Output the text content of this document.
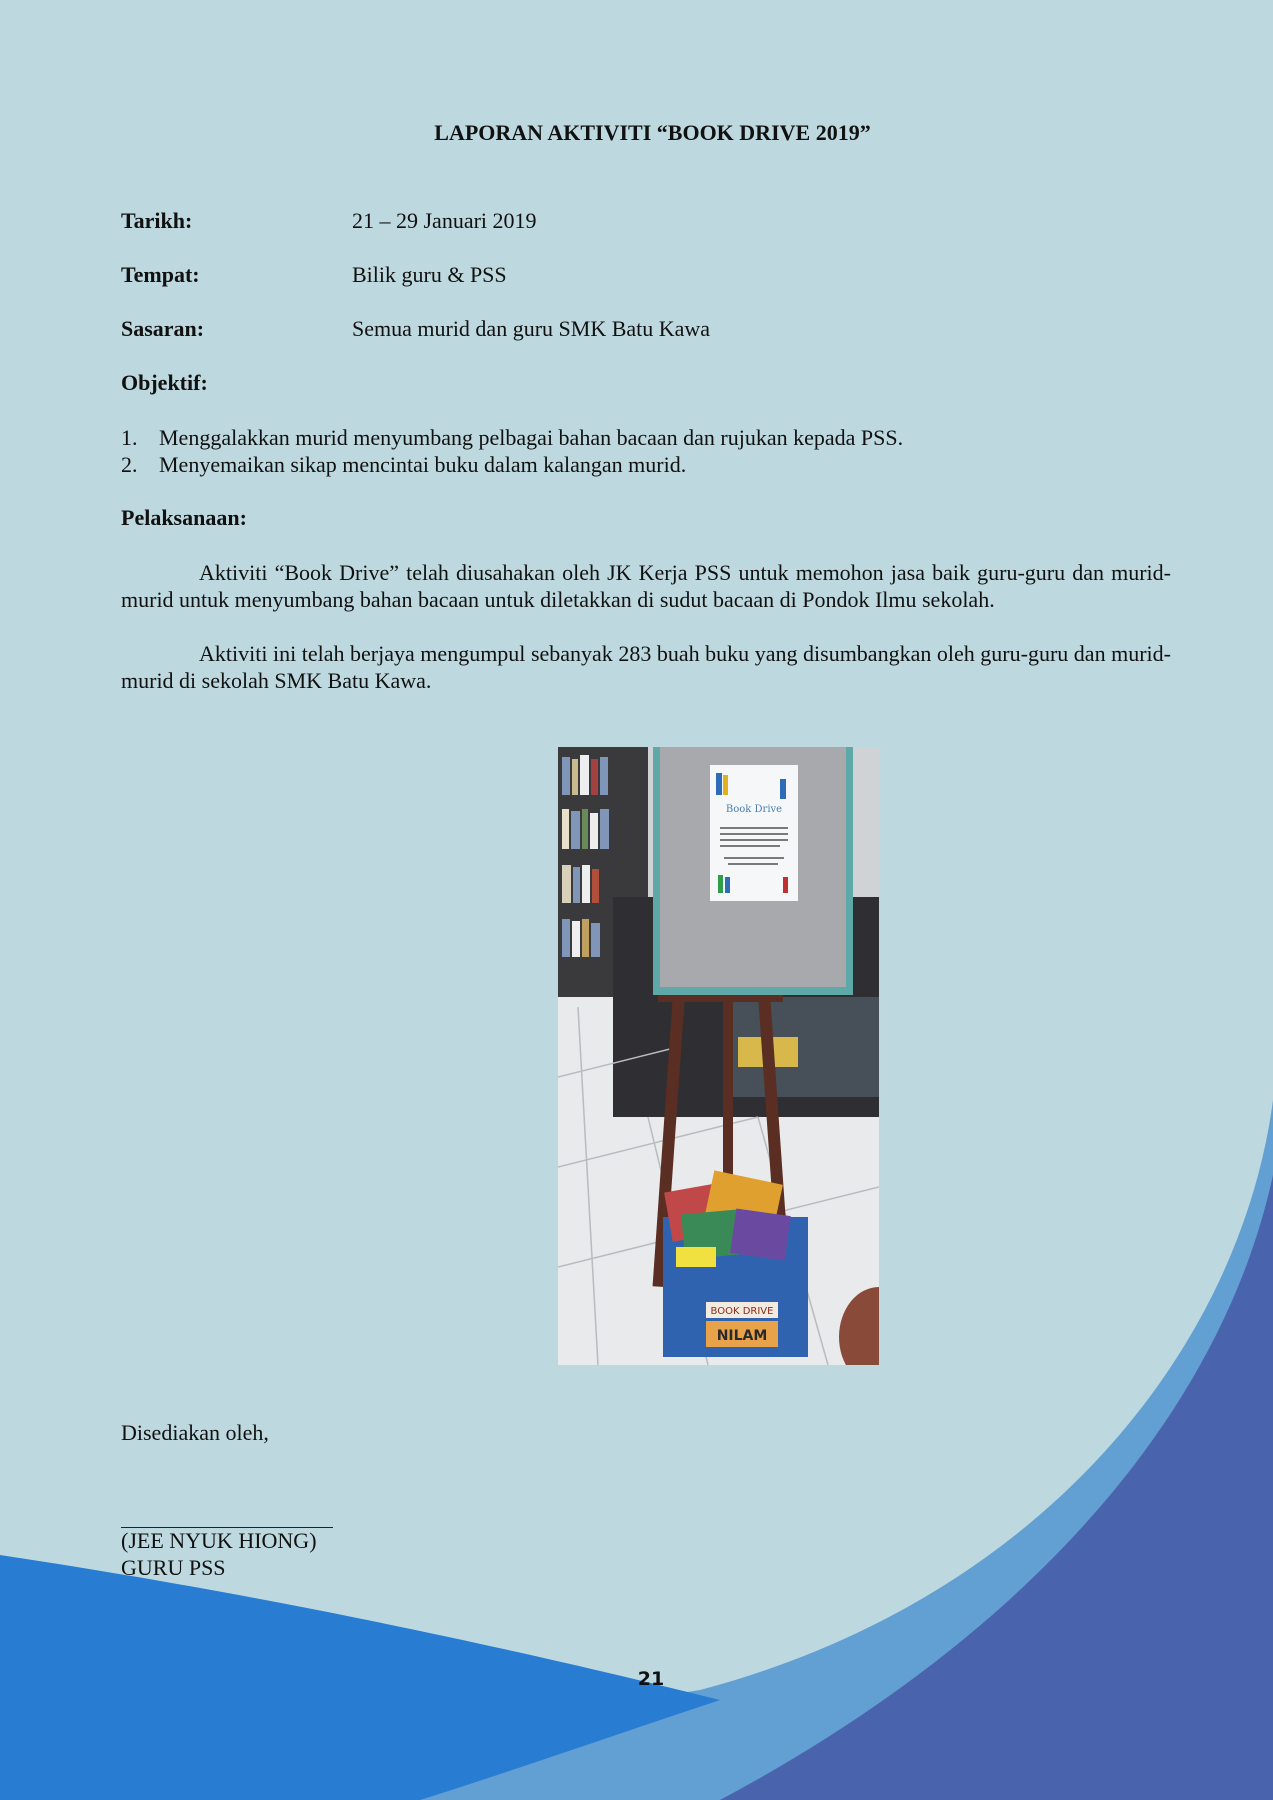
LAPORAN AKTIVITI “BOOK DRIVE 2019”
Tarikh:	21 – 29 Januari 2019
Tempat:	Bilik guru & PSS
Sasaran:	Semua murid dan guru SMK Batu Kawa
Objektif:
1. Menggalakkan murid menyumbang pelbagai bahan bacaan dan rujukan kepada PSS.
2. Menyemaikan sikap mencintai buku dalam kalangan murid.
Pelaksanaan:

Aktiviti “Book Drive” telah diusahakan oleh JK Kerja PSS untuk memohon jasa baik guru-guru dan murid-murid untuk menyumbang bahan bacaan untuk diletakkan di sudut bacaan di Pondok Ilmu sekolah.

Aktiviti ini telah berjaya mengumpul sebanyak 283 buah buku yang disumbangkan oleh guru-guru dan murid-murid di sekolah SMK Batu Kawa.

Book Drive
BOOK DRIVE
NILAM
Disediakan oleh,
(JEE NYUK HIONG)
GURU PSS
21
